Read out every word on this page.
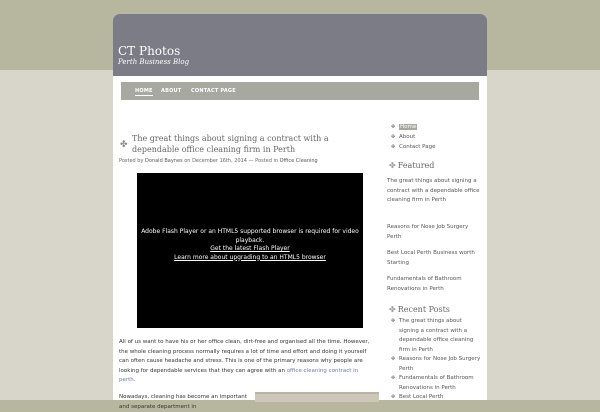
CT Photos
Perth Business Blog
HOME ABOUT CONTACT PAGE
✤
The great things about signing a contract with a dependable office cleaning firm in Perth
Posted by Donald Baynes on December 16th, 2014 — Posted in Office Cleaning
Adobe Flash Player or an HTML5 supported browser is required for video playback.
Get the latest Flash Player
Learn more about upgrading to an HTML5 browser
All of us want to have his or her office clean, dirt-free and organised all the time. However, the whole cleaning process normally requires a lot of time and effort and doing it yourself can often cause headache and stress. This is one of the primary reasons why people are looking for dependable services that they can agree with an office cleaning contract in perth.
Nowadays, cleaning has become an important and separate department in
✤ Home
✤ About
✤ Contact Page
✤ Featured
The great things about signing a contract with a dependable office cleaning firm in Perth
Reasons for Nose Job Surgery Perth
Best Local Perth Business worth Starting
Fundamentals of Bathroom Renovations in Perth
✤ Recent Posts
✤ The great things about signing a contract with a dependable office cleaning firm in Perth
✤ Reasons for Nose Job Surgery Perth
✤ Fundamentals of Bathroom Renovations in Perth
✤ Best Local Perth
